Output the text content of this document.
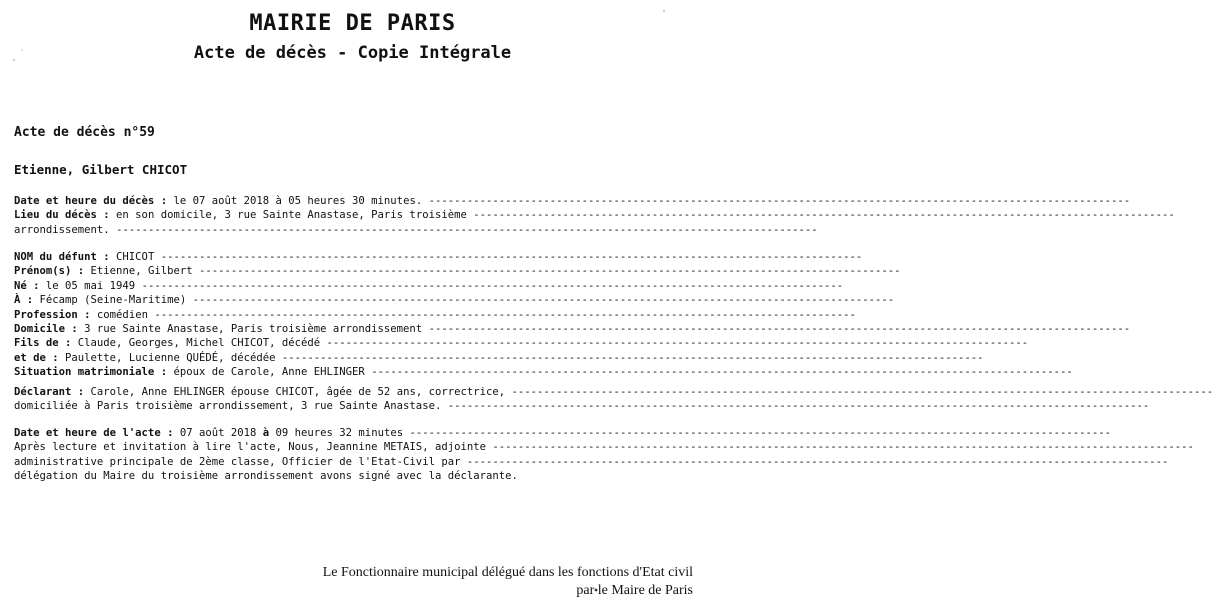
MAIRIE DE PARIS
Acte de décès - Copie Intégrale
Acte de décès n°59
Etienne, Gilbert CHICOT
Date et heure du décès : le 07 août 2018 à 05 heures 30 minutes. --------------------------------------------------------------------------------------------------------------
Lieu du décès : en son domicile, 3 rue Sainte Anastase, Paris troisième --------------------------------------------------------------------------------------------------------------
arrondissement. --------------------------------------------------------------------------------------------------------------
NOM du défunt : CHICOT --------------------------------------------------------------------------------------------------------------
Prénom(s) : Etienne, Gilbert --------------------------------------------------------------------------------------------------------------
Né : le 05 mai 1949 --------------------------------------------------------------------------------------------------------------
À : Fécamp (Seine-Maritime) --------------------------------------------------------------------------------------------------------------
Profession : comédien --------------------------------------------------------------------------------------------------------------
Domicile : 3 rue Sainte Anastase, Paris troisième arrondissement --------------------------------------------------------------------------------------------------------------
Fils de : Claude, Georges, Michel CHICOT, décédé --------------------------------------------------------------------------------------------------------------
et de : Paulette, Lucienne QUÉDÉ, décédée --------------------------------------------------------------------------------------------------------------
Situation matrimoniale : époux de Carole, Anne EHLINGER --------------------------------------------------------------------------------------------------------------
Déclarant : Carole, Anne EHLINGER épouse CHICOT, âgée de 52 ans, correctrice, --------------------------------------------------------------------------------------------------------------
domiciliée à Paris troisième arrondissement, 3 rue Sainte Anastase. --------------------------------------------------------------------------------------------------------------
Date et heure de l'acte : 07 août 2018 à 09 heures 32 minutes --------------------------------------------------------------------------------------------------------------
Après lecture et invitation à lire l'acte, Nous, Jeannine METAIS, adjointe --------------------------------------------------------------------------------------------------------------
administrative principale de 2ème classe, Officier de l'Etat-Civil par --------------------------------------------------------------------------------------------------------------
délégation du Maire du troisième arrondissement avons signé avec la déclarante.
Le Fonctionnaire municipal délégué dans les fonctions d'Etat civil
par le Maire de Paris
